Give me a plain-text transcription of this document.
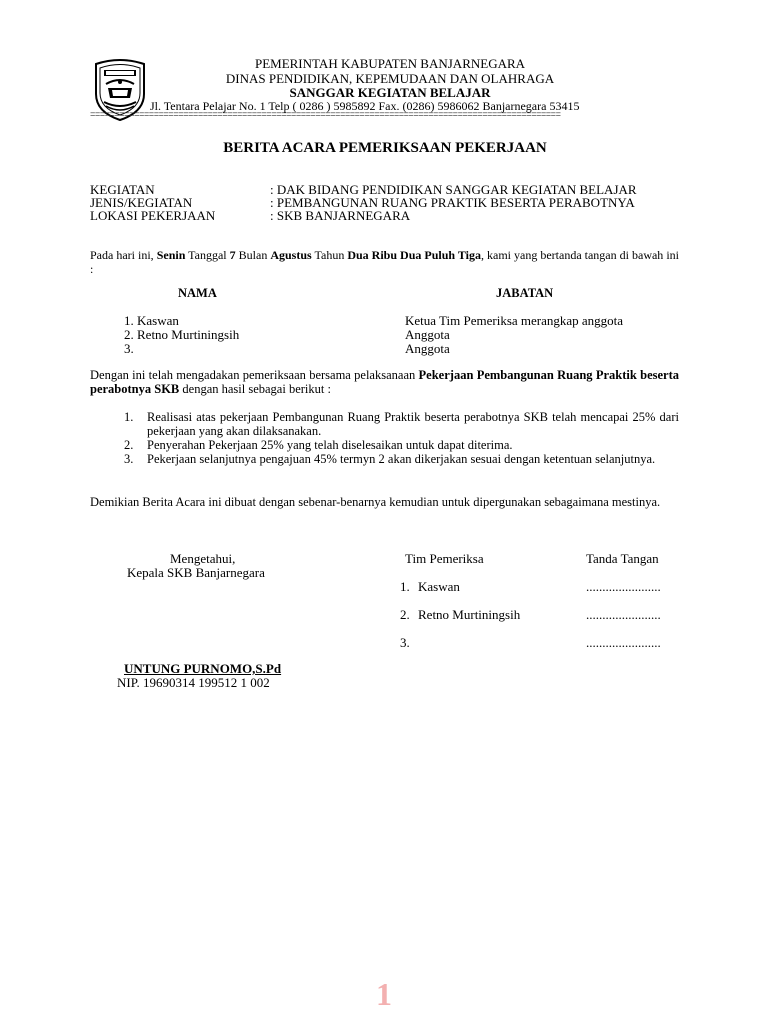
PEMERINTAH KABUPATEN BANJARNEGARA
DINAS PENDIDIKAN, KEPEMUDAAN DAN OLAHRAGA
SANGGAR KEGIATAN BELAJAR
Jl. Tentara Pelajar No. 1 Telp ( 0286 ) 5985892 Fax. (0286) 5986062 Banjarnegara 53415
================================================================================================
BERITA ACARA PEMERIKSAAN PEKERJAAN
KEGIATAN	: DAK BIDANG PENDIDIKAN SANGGAR KEGIATAN BELAJAR
JENIS/KEGIATAN	: PEMBANGUNAN RUANG PRAKTIK BESERTA PERABOTNYA
LOKASI PEKERJAAN	: SKB BANJARNEGARA
Pada hari ini, Senin Tanggal 7 Bulan Agustus Tahun Dua Ribu Dua Puluh Tiga, kami yang bertanda tangan di bawah ini :
NAMA	JABATAN
1. Kaswan	Ketua Tim Pemeriksa merangkap anggota
2. Retno Murtiningsih	Anggota
3.	Anggota
Dengan ini telah mengadakan pemeriksaan bersama pelaksanaan Pekerjaan Pembangunan Ruang Praktik beserta perabotnya SKB dengan hasil sebagai berikut :
1. Realisasi atas pekerjaan Pembangunan Ruang Praktik beserta perabotnya SKB telah mencapai 25% dari pekerjaan yang akan dilaksanakan.
2. Penyerahan Pekerjaan 25% yang telah diselesaikan untuk dapat diterima.
3. Pekerjaan selanjutnya pengajuan 45% termyn 2 akan dikerjakan sesuai dengan ketentuan selanjutnya.
Demikian Berita Acara ini dibuat dengan sebenar-benarnya kemudian untuk dipergunakan sebagaimana mestinya.
Mengetahui,
Kepala SKB Banjarnegara
Tim Pemeriksa	Tanda Tangan
1. Kaswan	.......................
2. Retno Murtiningsih	.......................
3.	.......................
UNTUNG PURNOMO,S.Pd
NIP. 19690314 199512 1 002
1
